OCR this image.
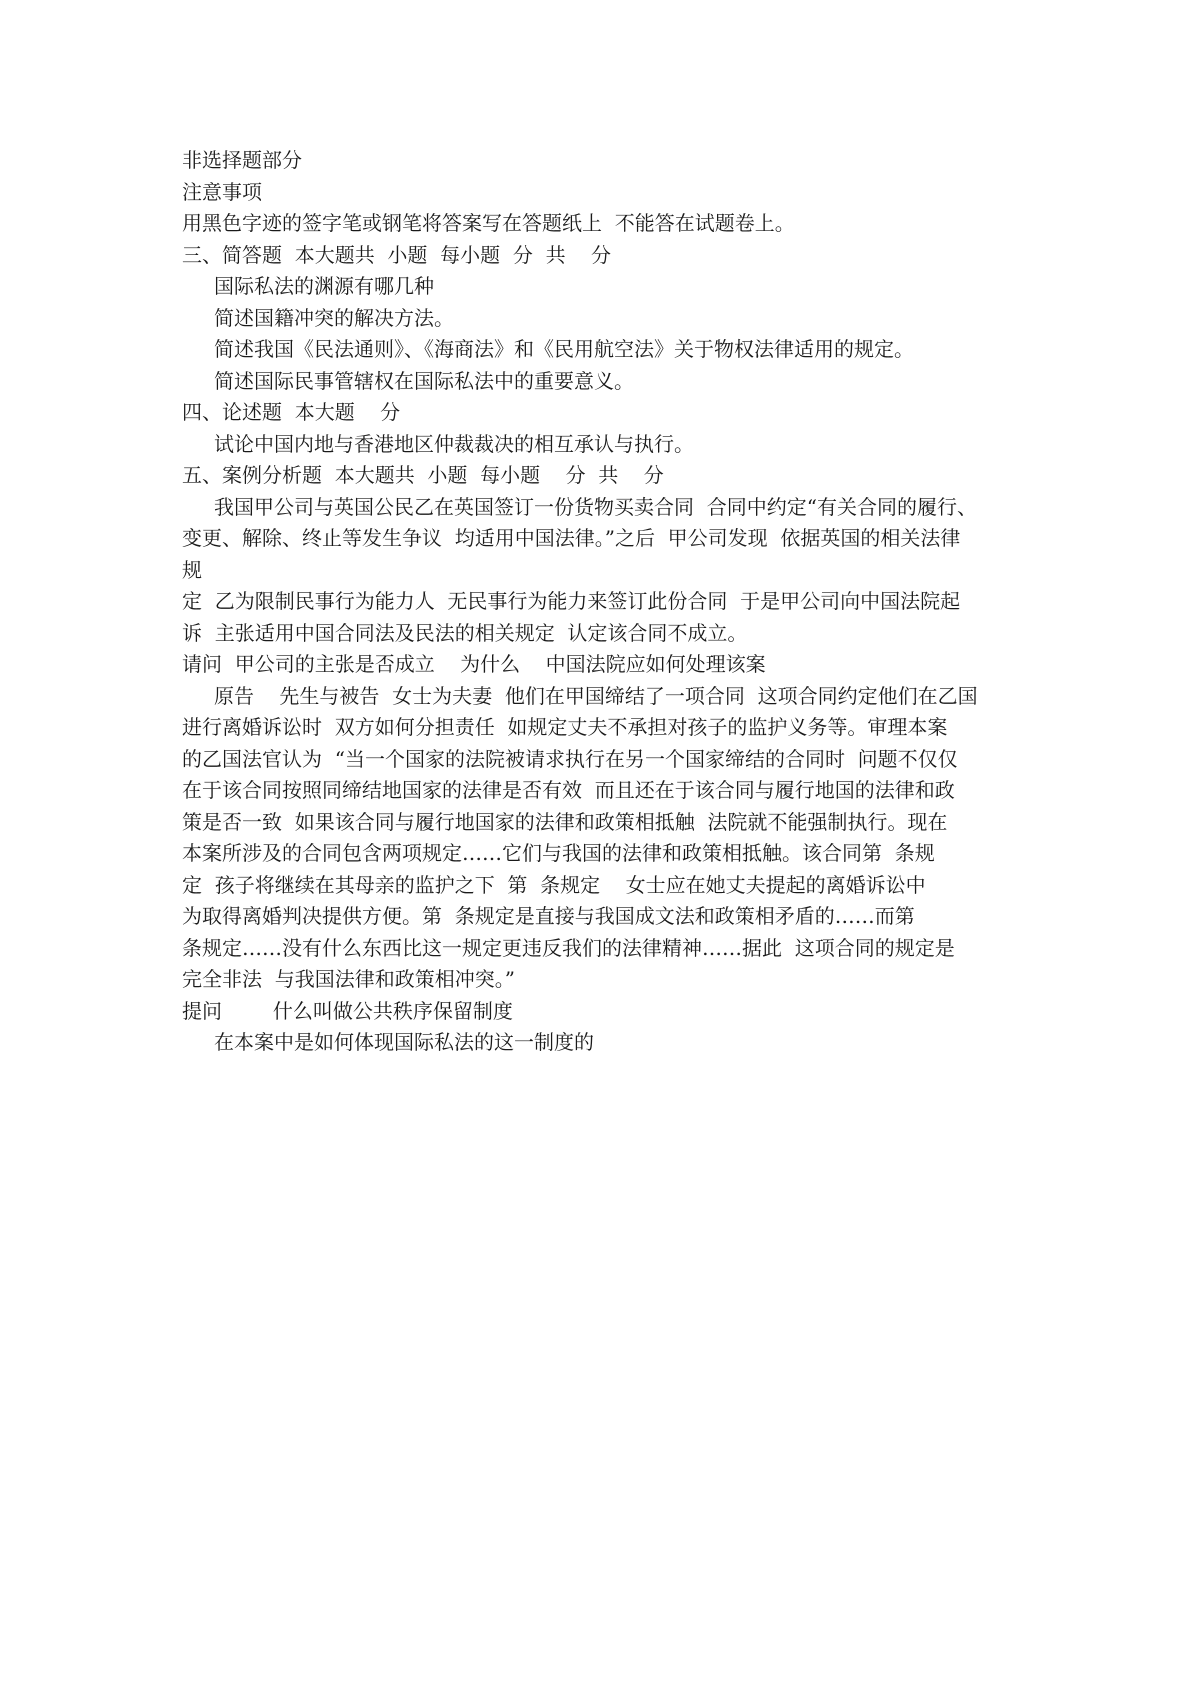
非选择题部分
注意事项
用黑色字迹的签字笔或钢笔将答案写在答题纸上  不能答在试题卷上。
三、简答题  本大题共  小题  每小题  分  共    分
国际私法的渊源有哪几种
简述国籍冲突的解决方法。
简述我国《民法通则》、《海商法》和《民用航空法》关于物权法律适用的规定。
简述国际民事管辖权在国际私法中的重要意义。
四、论述题  本大题    分
试论中国内地与香港地区仲裁裁决的相互承认与执行。
五、案例分析题  本大题共  小题  每小题    分  共    分
我国甲公司与英国公民乙在英国签订一份货物买卖合同  合同中约定“有关合同的履行、
变更、解除、终止等发生争议  均适用中国法律。”之后  甲公司发现  依据英国的相关法律
规
定  乙为限制民事行为能力人  无民事行为能力来签订此份合同  于是甲公司向中国法院起
诉  主张适用中国合同法及民法的相关规定  认定该合同不成立。
请问  甲公司的主张是否成立    为什么    中国法院应如何处理该案
原告    先生与被告  女士为夫妻  他们在甲国缔结了一项合同  这项合同约定他们在乙国
进行离婚诉讼时  双方如何分担责任  如规定丈夫不承担对孩子的监护义务等。审理本案
的乙国法官认为  “当一个国家的法院被请求执行在另一个国家缔结的合同时  问题不仅仅
在于该合同按照同缔结地国家的法律是否有效  而且还在于该合同与履行地国的法律和政
策是否一致  如果该合同与履行地国家的法律和政策相抵触  法院就不能强制执行。现在
本案所涉及的合同包含两项规定……它们与我国的法律和政策相抵触。该合同第  条规
定  孩子将继续在其母亲的监护之下  第  条规定    女士应在她丈夫提起的离婚诉讼中
为取得离婚判决提供方便。第  条规定是直接与我国成文法和政策相矛盾的……而第
条规定……没有什么东西比这一规定更违反我们的法律精神……据此  这项合同的规定是
完全非法  与我国法律和政策相冲突。”
提问        什么叫做公共秩序保留制度
在本案中是如何体现国际私法的这一制度的
